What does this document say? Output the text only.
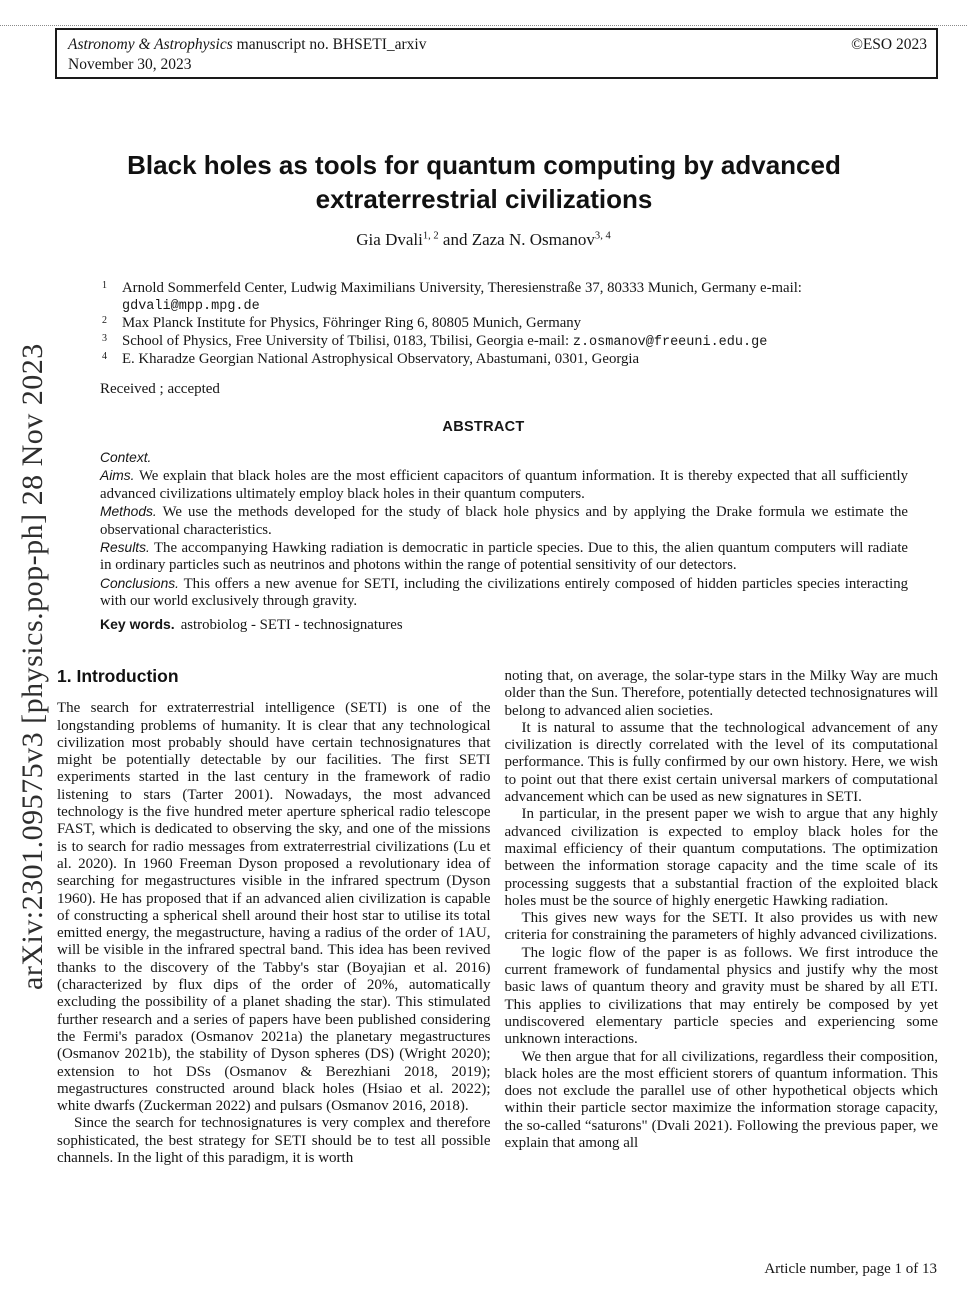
arXiv:2301.09575v3 [physics.pop-ph] 28 Nov 2023
Astronomy & Astrophysics manuscript no. BHSETI_arxiv
November 30, 2023
©ESO 2023
Black holes as tools for quantum computing by advanced extraterrestrial civilizations
Gia Dvali$^{1, 2}$ and Zaza N. Osmanov$^{3, 4}$
1 Arnold Sommerfeld Center, Ludwig Maximilians University, Theresienstraße 37, 80333 Munich, Germany e-mail:
gdvali@mpp.mpg.de
2 Max Planck Institute for Physics, Föhringer Ring 6, 80805 Munich, Germany
3 School of Physics, Free University of Tbilisi, 0183, Tbilisi, Georgia e-mail: z.osmanov@freeuni.edu.ge
4 E. Kharadze Georgian National Astrophysical Observatory, Abastumani, 0301, Georgia
Received ; accepted
ABSTRACT

Context.

Aims. We explain that black holes are the most efficient capacitors of quantum information. It is thereby expected that all sufficiently advanced civilizations ultimately employ black holes in their quantum computers.

Methods. We use the methods developed for the study of black hole physics and by applying the Drake formula we estimate the observational characteristics.

Results. The accompanying Hawking radiation is democratic in particle species. Due to this, the alien quantum computers will radiate in ordinary particles such as neutrinos and photons within the range of potential sensitivity of our detectors.

Conclusions. This offers a new avenue for SETI, including the civilizations entirely composed of hidden particles species interacting with our world exclusively through gravity.

Key words. astrobiolog - SETI - technosignatures
1. Introduction

The search for extraterrestrial intelligence (SETI) is one of the longstanding problems of humanity. It is clear that any technological civilization most probably should have certain technosignatures that might be potentially detectable by our facilities. The first SETI experiments started in the last century in the framework of radio listening to stars (Tarter 2001). Nowadays, the most advanced technology is the five hundred meter aperture spherical radio telescope FAST, which is dedicated to observing the sky, and one of the missions is to search for radio messages from extraterrestrial civilizations (Lu et al. 2020). In 1960 Freeman Dyson proposed a revolutionary idea of searching for megastructures visible in the infrared spectrum (Dyson 1960). He has proposed that if an advanced alien civilization is capable of constructing a spherical shell around their host star to utilise its total emitted energy, the megastructure, having a radius of the order of 1AU, will be visible in the infrared spectral band. This idea has been revived thanks to the discovery of the Tabby's star (Boyajian et al. 2016) (characterized by flux dips of the order of 20%, automatically excluding the possibility of a planet shading the star). This stimulated further research and a series of papers have been published considering the Fermi's paradox (Osmanov 2021a) the planetary megastructures (Osmanov 2021b), the stability of Dyson spheres (DS) (Wright 2020); extension to hot DSs (Osmanov & Berezhiani 2018, 2019); megastructures constructed around black holes (Hsiao et al. 2022); white dwarfs (Zuckerman 2022) and pulsars (Osmanov 2016, 2018).

Since the search for technosignatures is very complex and therefore sophisticated, the best strategy for SETI should be to test all possible channels. In the light of this paradigm, it is worth

noting that, on average, the solar-type stars in the Milky Way are much older than the Sun. Therefore, potentially detected technosignatures will belong to advanced alien societies.

It is natural to assume that the technological advancement of any civilization is directly correlated with the level of its computational performance. This is fully confirmed by our own history. Here, we wish to point out that there exist certain universal markers of computational advancement which can be used as new signatures in SETI.

In particular, in the present paper we wish to argue that any highly advanced civilization is expected to employ black holes for the maximal efficiency of their quantum computations. The optimization between the information storage capacity and the time scale of its processing suggests that a substantial fraction of the exploited black holes must be the source of highly energetic Hawking radiation.

This gives new ways for the SETI. It also provides us with new criteria for constraining the parameters of highly advanced civilizations.

The logic flow of the paper is as follows. We first introduce the current framework of fundamental physics and justify why the most basic laws of quantum theory and gravity must be shared by all ETI. This applies to civilizations that may entirely be composed by yet undiscovered elementary particle species and experiencing some unknown interactions.

We then argue that for all civilizations, regardless their composition, black holes are the most efficient storers of quantum information. This does not exclude the parallel use of other hypothetical objects which within their particle sector maximize the information storage capacity, the so-called “saturons" (Dvali 2021). Following the previous paper, we explain that among all

Article number, page 1 of 13
